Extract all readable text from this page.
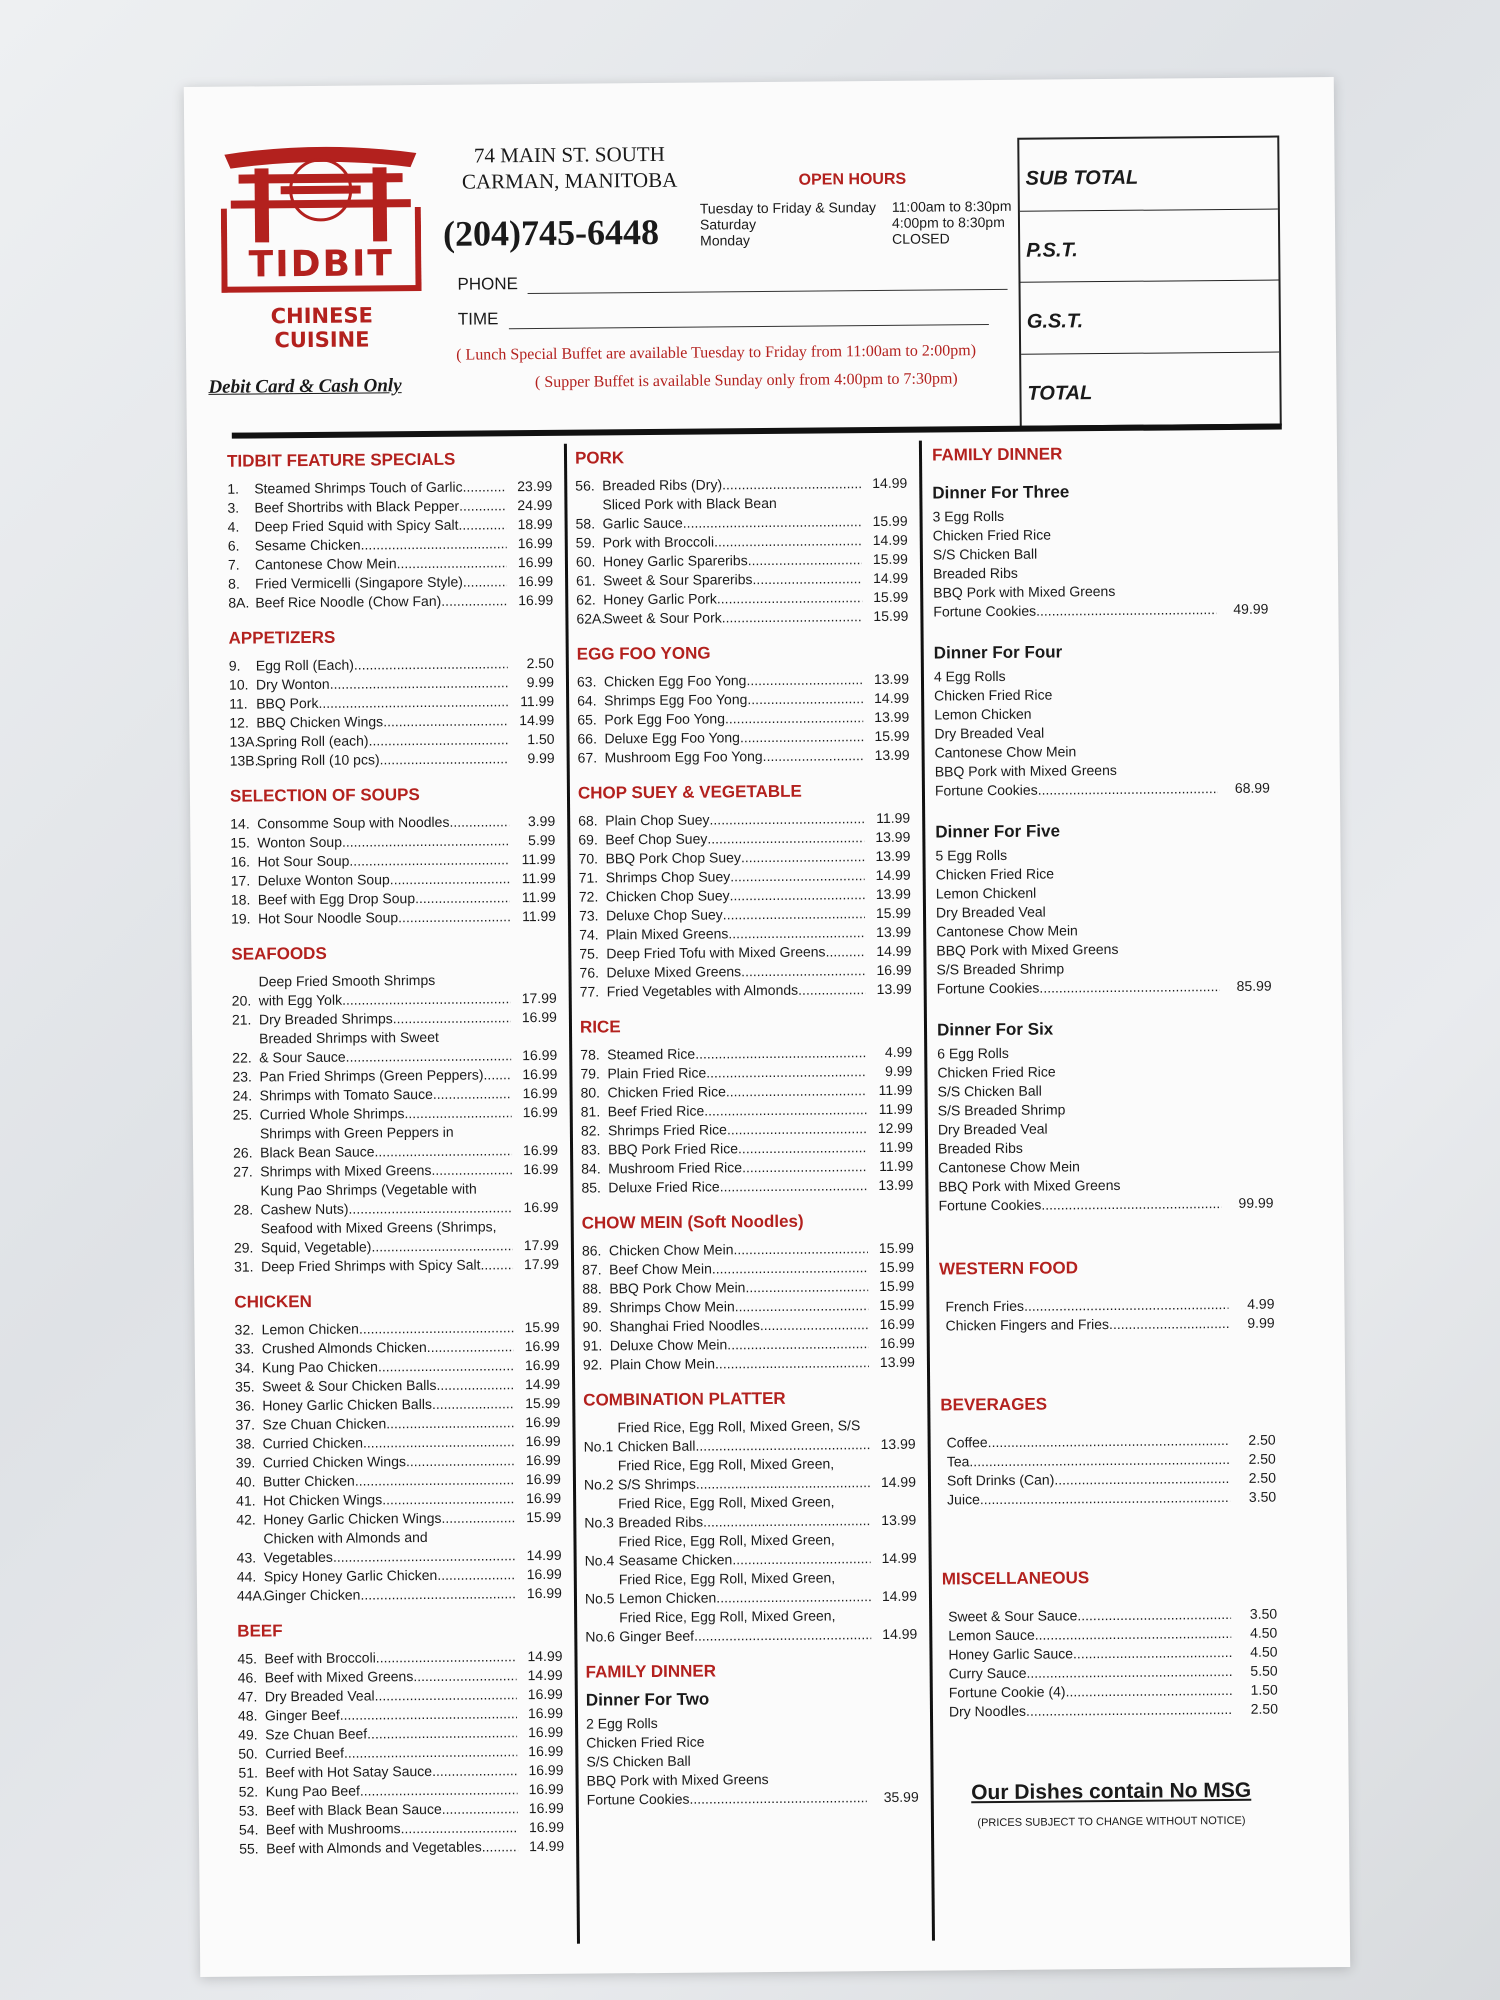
TIDBIT
CHINESE CUISINE
74 MAIN ST. SOUTH
CARMAN, MANITOBA
(204)745-6448
OPEN HOURS
Tuesday to Friday & Sunday 11:00am to 8:30pm
Saturday	4:00pm to 8:30pm
Monday	CLOSED
PHONE
TIME
( Lunch Special Buffet are available Tuesday to Friday from 11:00am to 2:00pm)
Debit Card & Cash Only	( Supper Buffet is available Sunday only from 4:00pm to 7:30pm)
SUB TOTAL
P.S.T.
G.S.T.
TOTAL
TIDBIT FEATURE SPECIALS
1.	Steamed Shrimps Touch of Garlic .....	23.99
3.	Beef Shortribs with Black Pepper .....	24.99
4.	Deep Fried Squid with Spicy Salt .....	18.99
6.	Sesame Chicken .....	16.99
7.	Cantonese Chow Mein .....	16.99
8.	Fried Vermicelli (Singapore Style) .....	16.99
8A. Beef Rice Noodle (Chow Fan) .....	16.99
APPETIZERS
9.	Egg Roll (Each) .....	2.50
10. Dry Wonton .....	9.99
11. BBQ Pork .....	11.99
12. BBQ Chicken Wings .....	14.99
13A.
Spring Roll (each) .....	1.50
13B.
Spring Roll (10 pcs) .....	9.99
SELECTION OF SOUPS
14. Consomme Soup with Noodles .....	3.99
15. Wonton Soup .....	5.99
16. Hot Sour Soup .....	11.99
17. Deluxe Wonton Soup .....	11.99
18. Beef with Egg Drop Soup .....	11.99
19. Hot Sour Noodle Soup .....	11.99
SEAFOODS
20.
Deep Fried Smooth Shrimps
with Egg Yolk .....	17.99
21. Dry Breaded Shrimps .....	16.99
22.
Breaded Shrimps with Sweet
& Sour Sauce .....	16.99
23. Pan Fried Shrimps (Green Peppers) .....	16.99
24. Shrimps with Tomato Sauce .....	16.99
25. Curried Whole Shrimps .....	16.99
26.
Shrimps with Green Peppers in
Black Bean Sauce .....	16.99
27. Shrimps with Mixed Greens .....	16.99
28.
Kung Pao Shrimps (Vegetable with
Cashew Nuts) .....	16.99
29.
Seafood with Mixed Greens (Shrimps,
Squid, Vegetable) .....	17.99
31. Deep Fried Shrimps with Spicy Salt .....	17.99
CHICKEN
32. Lemon Chicken .....	15.99
33. Crushed Almonds Chicken .....	16.99
34. Kung Pao Chicken .....	16.99
35. Sweet & Sour Chicken Balls .....	14.99
36. Honey Garlic Chicken Balls .....	15.99
37. Sze Chuan Chicken .....	16.99
38. Curried Chicken .....	16.99
39. Curried Chicken Wings .....	16.99
40. Butter Chicken .....	16.99
41. Hot Chicken Wings .....	16.99
42. Honey Garlic Chicken Wings .....	15.99
43.
Chicken with Almonds and
Vegetables .....	14.99
44. Spicy Honey Garlic Chicken .....	16.99
44A.
Ginger Chicken .....	16.99
BEEF
45. Beef with Broccoli .....	14.99
46. Beef with Mixed Greens .....	14.99
47. Dry Breaded Veal .....	16.99
48. Ginger Beef .....	16.99
49. Sze Chuan Beef .....	16.99
50. Curried Beef .....	16.99
51. Beef with Hot Satay Sauce .....	16.99
52. Kung Pao Beef .....	16.99
53. Beef with Black Bean Sauce .....	16.99
54. Beef with Mushrooms .....	16.99
55. Beef with Almonds and Vegetables .....	14.99
PORK
56. Breaded Ribs (Dry) .....	14.99
58.
Sliced Pork with Black Bean
Garlic Sauce .....	15.99
59. Pork with Broccoli .....	14.99
60. Honey Garlic Spareribs .....	15.99
61. Sweet & Sour Spareribs .....	14.99
62. Honey Garlic Pork .....	15.99
62A.
Sweet & Sour Pork .....	15.99
EGG FOO YONG
63. Chicken Egg Foo Yong .....	13.99
64. Shrimps Egg Foo Yong .....	14.99
65. Pork Egg Foo Yong .....	13.99
66. Deluxe Egg Foo Yong .....	15.99
67. Mushroom Egg Foo Yong .....	13.99
CHOP SUEY & VEGETABLE
68. Plain Chop Suey .....	11.99
69. Beef Chop Suey .....	13.99
70. BBQ Pork Chop Suey .....	13.99
71. Shrimps Chop Suey .....	14.99
72. Chicken Chop Suey .....	13.99
73. Deluxe Chop Suey .....	15.99
74. Plain Mixed Greens .....	13.99
75. Deep Fried Tofu with Mixed Greens .....	14.99
76. Deluxe Mixed Greens .....	16.99
77. Fried Vegetables with Almonds .....	13.99
RICE
78. Steamed Rice .....	4.99
79. Plain Fried Rice .....	9.99
80. Chicken Fried Rice .....	11.99
81. Beef Fried Rice .....	11.99
82. Shrimps Fried Rice .....	12.99
83. BBQ Pork Fried Rice .....	11.99
84. Mushroom Fried Rice .....	11.99
85. Deluxe Fried Rice .....	13.99
CHOW MEIN (Soft Noodles)
86. Chicken Chow Mein .....	15.99
87. Beef Chow Mein .....	15.99
88. BBQ Pork Chow Mein .....	15.99
89. Shrimps Chow Mein .....	15.99
90. Shanghai Fried Noodles .....	16.99
91. Deluxe Chow Mein .....	16.99
92. Plain Chow Mein .....	13.99
COMBINATION PLATTER
No.1
Fried Rice, Egg Roll, Mixed Green, S/S
Chicken Ball .....	13.99
No.2
Fried Rice, Egg Roll, Mixed Green,
S/S Shrimps .....	14.99
No.3
Fried Rice, Egg Roll, Mixed Green,
Breaded Ribs .....	13.99
No.4
Fried Rice, Egg Roll, Mixed Green,
Seasame Chicken .....	14.99
No.5
Fried Rice, Egg Roll, Mixed Green,
Lemon Chicken .....	14.99
No.6
Fried Rice, Egg Roll, Mixed Green,
Ginger Beef .....	14.99
FAMILY DINNER
Dinner For Two
2 Egg Rolls
Chicken Fried Rice
S/S Chicken Ball
BBQ Pork with Mixed Greens
Fortune Cookies .....	35.99
FAMILY DINNER
Dinner For Three
3 Egg Rolls
Chicken Fried Rice
S/S Chicken Ball
Breaded Ribs
BBQ Pork with Mixed Greens
Fortune Cookies .....	49.99
Dinner For Four
4 Egg Rolls
Chicken Fried Rice
Lemon Chicken
Dry Breaded Veal
Cantonese Chow Mein
BBQ Pork with Mixed Greens
Fortune Cookies .....	68.99
Dinner For Five
5 Egg Rolls
Chicken Fried Rice
Lemon Chickenl
Dry Breaded Veal
Cantonese Chow Mein
BBQ Pork with Mixed Greens
S/S Breaded Shrimp
Fortune Cookies .....	85.99
Dinner For Six
6 Egg Rolls
Chicken Fried Rice
S/S Chicken Ball
S/S Breaded Shrimp
Dry Breaded Veal
Breaded Ribs
Cantonese Chow Mein
BBQ Pork with Mixed Greens
Fortune Cookies .....	99.99
WESTERN FOOD
French Fries .....	4.99
Chicken Fingers and Fries .....	9.99
BEVERAGES
Coffee .....	2.50
Tea .....	2.50
Soft Drinks (Can) .....	2.50
Juice .....	3.50
MISCELLANEOUS
Sweet & Sour Sauce .....	3.50
Lemon Sauce .....	4.50
Honey Garlic Sauce .....	4.50
Curry Sauce .....	5.50
Fortune Cookie (4) .....	1.50
Dry Noodles .....	2.50
Our Dishes contain No MSG
(PRICES SUBJECT TO CHANGE WITHOUT NOTICE)
